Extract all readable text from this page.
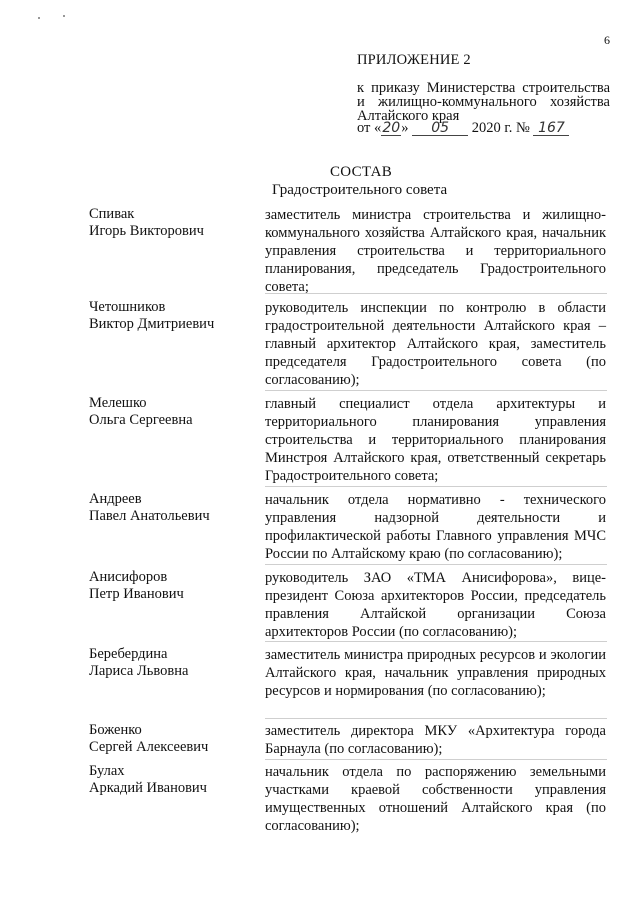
6
ПРИЛОЖЕНИЕ 2
к приказу Министерства строительства
и жилищно-коммунального хозяйства
Алтайского края
от «20» 05 2020 г. № 167
СОСТАВ
Градостроительного совета
Спивак
Игорь Викторович
заместитель министра строительства и жилищно-коммунального хозяйства Алтайского края, начальник управления строительства и территориального планирования, председатель Градостроительного совета;
Четошников
Виктор Дмитриевич
руководитель инспекции по контролю в области градостроительной деятельности Алтайского края – главный архитектор Алтайского края, заместитель председателя Градостроительного совета (по согласованию);
Мелешко
Ольга Сергеевна
главный специалист отдела архитектуры и территориального планирования управления строительства и территориального планирования Минстроя Алтайского края, ответственный секретарь Градостроительного совета;
Андреев
Павел Анатольевич
начальник отдела нормативно - технического управления надзорной деятельности и профилактической работы Главного управления МЧС России по Алтайскому краю (по согласованию);
Анисифоров
Петр Иванович
руководитель ЗАО «ТМА Анисифорова», вице-президент Союза архитекторов России, председатель правления Алтайской организации Союза архитекторов России (по согласованию);
Беребердина
Лариса Львовна
заместитель министра природных ресурсов и экологии Алтайского края, начальник управления природных ресурсов и нормирования (по согласованию);
Боженко
Сергей Алексеевич
заместитель директора МКУ «Архитектура города Барнаула (по согласованию);
Булах
Аркадий Иванович
начальник отдела по распоряжению земельными участками краевой собственности управления имущественных отношений Алтайского края (по согласованию);
